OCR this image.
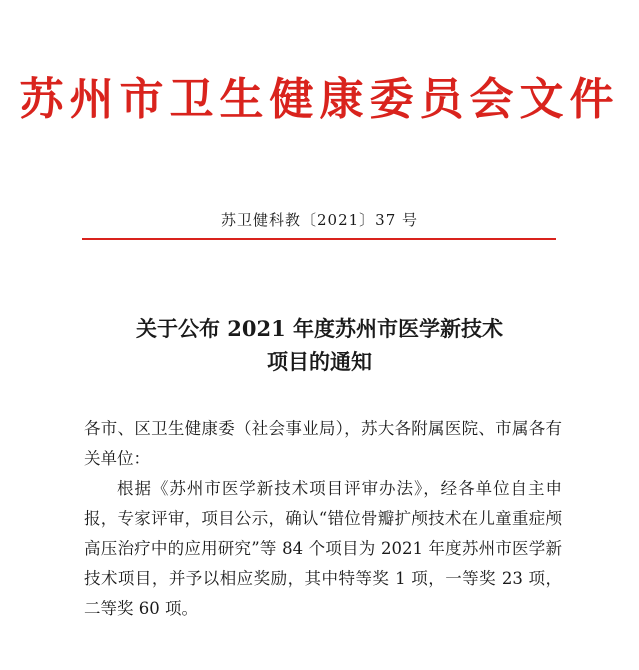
苏州市卫生健康委员会文件
苏卫健科教〔2021〕37 号
关于公布 2021 年度苏州市医学新技术
项目的通知

各市、区卫生健康委（社会事业局），苏大各附属医院、市属各有关单位：

根据《苏州市医学新技术项目评审办法》，经各单位自主申报，专家评审，项目公示，确认“错位骨瓣扩颅技术在儿童重症颅高压治疗中的应用研究”等 84 个项目为 2021 年度苏州市医学新技术项目，并予以相应奖励，其中特等奖 1 项，一等奖 23 项，二等奖 60 项。
